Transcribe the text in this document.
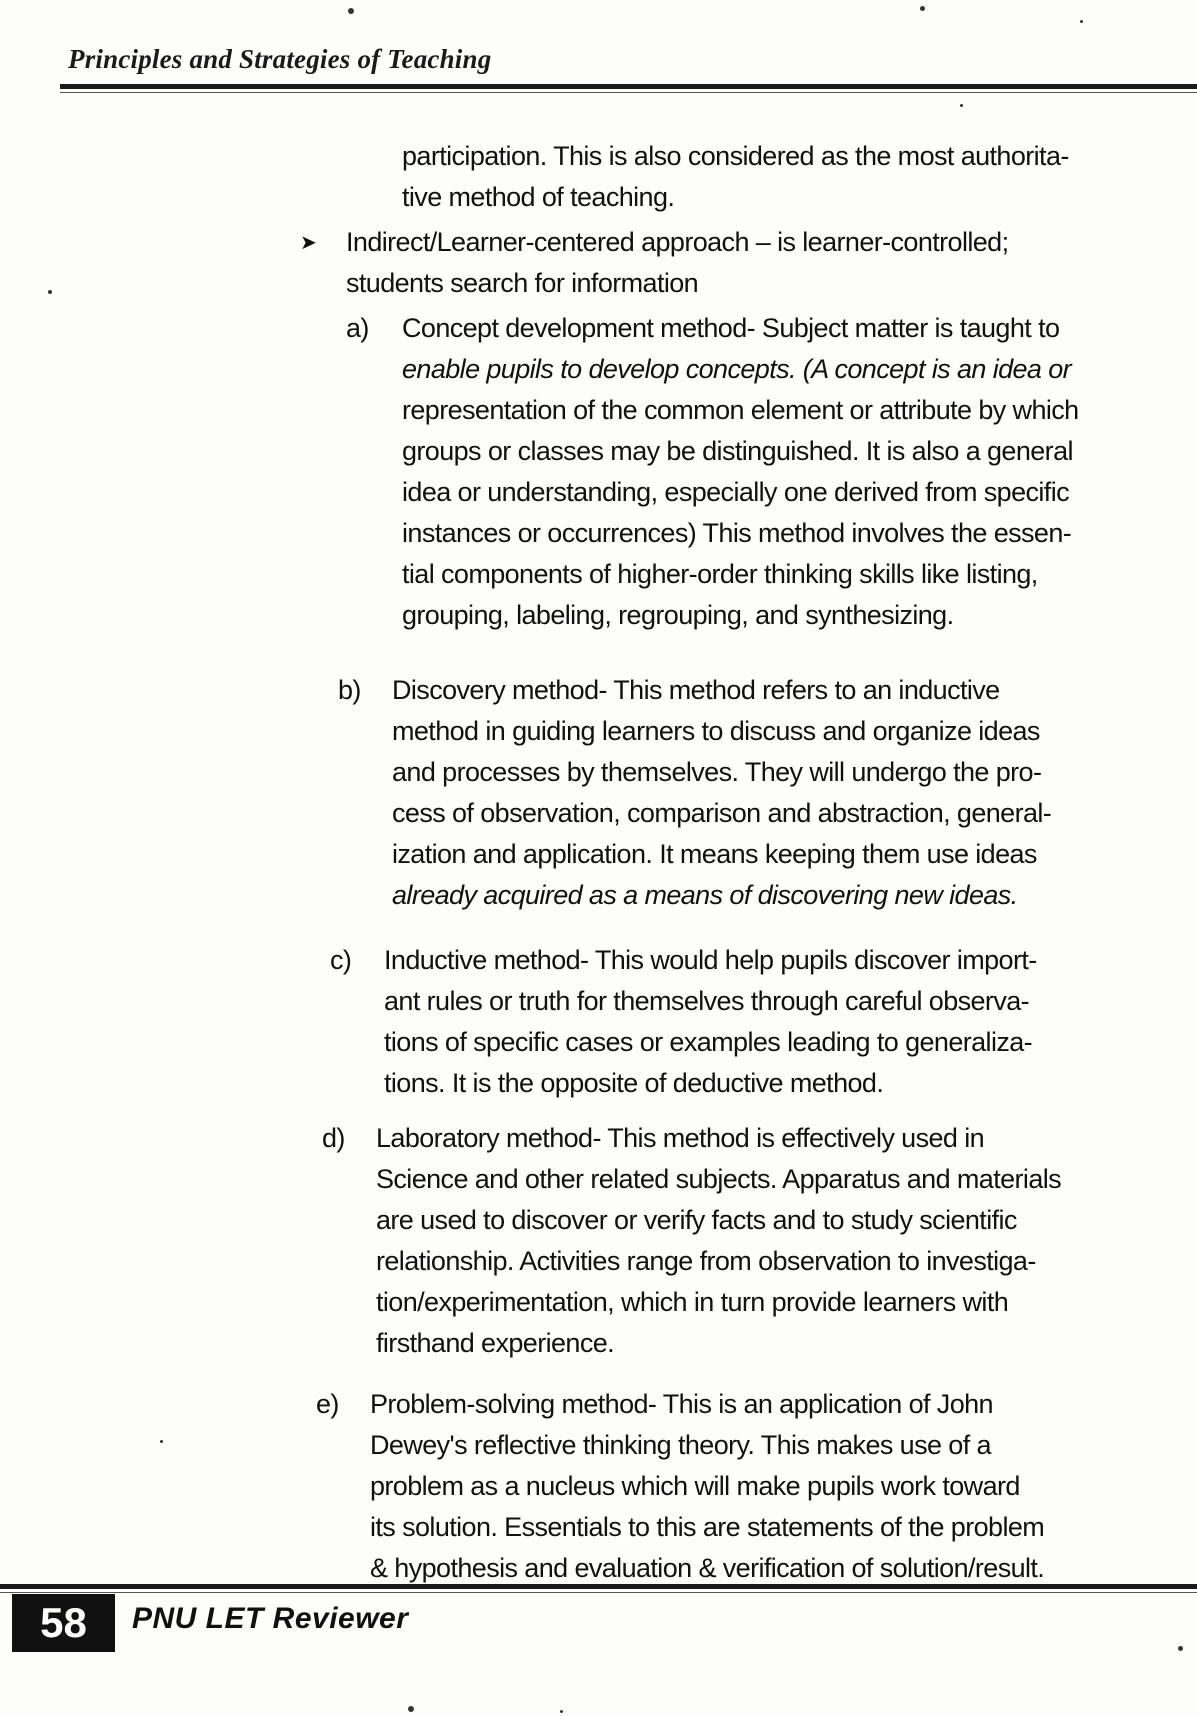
Principles and Strategies of Teaching

participation. This is also considered as the most authorita-

tive method of teaching.

➤ Indirect/Learner-centered approach – is learner-controlled;

students search for information

a) Concept development method- Subject matter is taught to

enable pupils to develop concepts. (A concept is an idea or

representation of the common element or attribute by which

groups or classes may be distinguished. It is also a general

idea or understanding, especially one derived from specific

instances or occurrences) This method involves the essen-

tial components of higher-order thinking skills like listing,

grouping, labeling, regrouping, and synthesizing.

b) Discovery method- This method refers to an inductive

method in guiding learners to discuss and organize ideas

and processes by themselves. They will undergo the pro-

cess of observation, comparison and abstraction, general-

ization and application. It means keeping them use ideas

already acquired as a means of discovering new ideas.

c) Inductive method- This would help pupils discover import-

ant rules or truth for themselves through careful observa-

tions of specific cases or examples leading to generaliza-

tions. It is the opposite of deductive method.

d) Laboratory method- This method is effectively used in

Science and other related subjects. Apparatus and materials

are used to discover or verify facts and to study scientific

relationship. Activities range from observation to investiga-

tion/experimentation, which in turn provide learners with

firsthand experience.

e) Problem-solving method- This is an application of John

Dewey's reflective thinking theory. This makes use of a

problem as a nucleus which will make pupils work toward

its solution. Essentials to this are statements of the problem

& hypothesis and evaluation & verification of solution/result.

58	PNU LET Reviewer
